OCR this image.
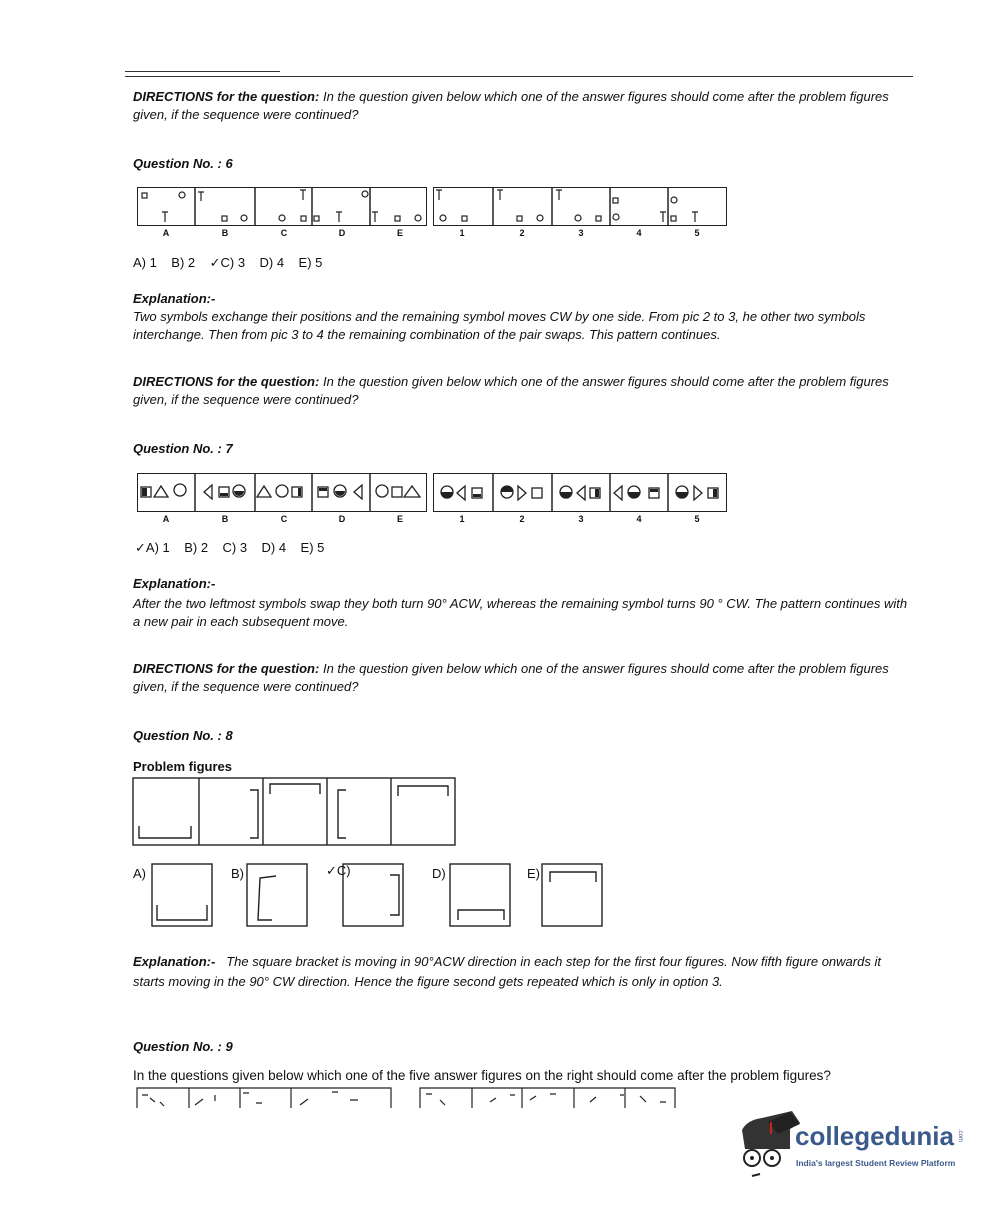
DIRECTIONS for the question: In the question given below which one of the answer figures should come after the problem figures given, if the sequence were continued?
Question No. : 6
A	B	C	D	E	1	2	3	4	5
A) 1 B) 2 ✓C) 3 D) 4 E) 5
Explanation:-
Two symbols exchange their positions and the remaining symbol moves CW by one side. From pic 2 to 3, he other two symbols interchange. Then from pic 3 to 4 the remaining combination of the pair swaps. This pattern continues.
DIRECTIONS for the question: In the question given below which one of the answer figures should come after the problem figures given, if the sequence were continued?
Question No. : 7
A	B	C	D	E	1	2	3	4	5
✓A) 1 B) 2 C) 3 D) 4 E) 5
Explanation:-
After the two leftmost symbols swap they both turn 90° ACW, whereas the remaining symbol turns 90 ° CW. The pattern continues with a new pair in each subsequent move.
DIRECTIONS for the question: In the question given below which one of the answer figures should come after the problem figures given, if the sequence were continued?
Question No. : 8
Problem figures
A)	B)	✓C)	D)	E)
Explanation:- The square bracket is moving in 90°ACW direction in each step for the first four figures. Now fifth figure onwards it starts moving in the 90° CW direction. Hence the figure second gets repeated which is only in option 3.
Question No. : 9
In the questions given below which one of the five answer figures on the right should come after the problem figures?
collegedunia .com
India's largest Student Review Platform
